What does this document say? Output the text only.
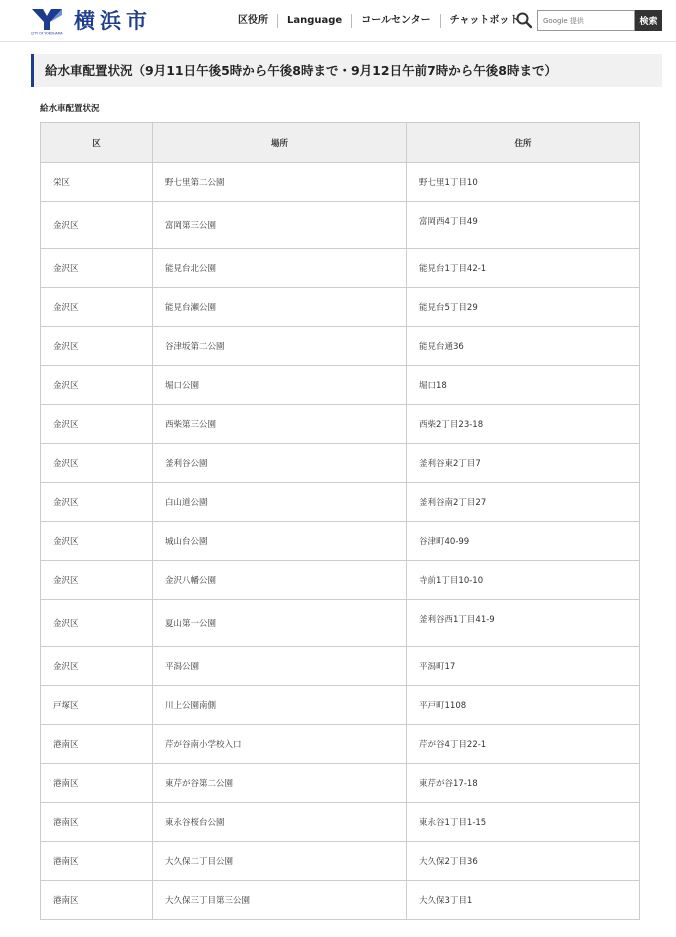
CITY OF YOKOHAMA
横浜市	区役所	Language	コールセンター	チャットボット
Google 提供	検索
給水車配置状況（9月11日午後5時から午後8時まで・9月12日午前7時から午後8時まで）
給水車配置状況
区	場所	住所
栄区	野七里第二公園	野七里1丁目10
金沢区	富岡第三公園	富岡西4丁目49
金沢区	能見台北公園	能見台1丁目42-1
金沢区	能見台瀬公園	能見台5丁目29
金沢区	谷津坂第二公園	能見台通36
金沢区	堀口公園	堀口18
金沢区	西柴第三公園	西柴2丁目23-18
金沢区	釜利谷公園	釜利谷東2丁目7
金沢区	白山道公園	釜利谷南2丁目27
金沢区	城山台公園	谷津町40-99
金沢区	金沢八幡公園	寺前1丁目10-10
金沢区	夏山第一公園	釜利谷西1丁目41-9
金沢区	平潟公園	平潟町17
戸塚区	川上公園南側	平戸町1108
港南区	芹が谷南小学校入口	芹が谷4丁目22-1
港南区	東芹が谷第二公園	東芹が谷17-18
港南区	東永谷桜台公園	東永谷1丁目1-15
港南区	大久保二丁目公園	大久保2丁目36
港南区	大久保三丁目第三公園	大久保3丁目1
